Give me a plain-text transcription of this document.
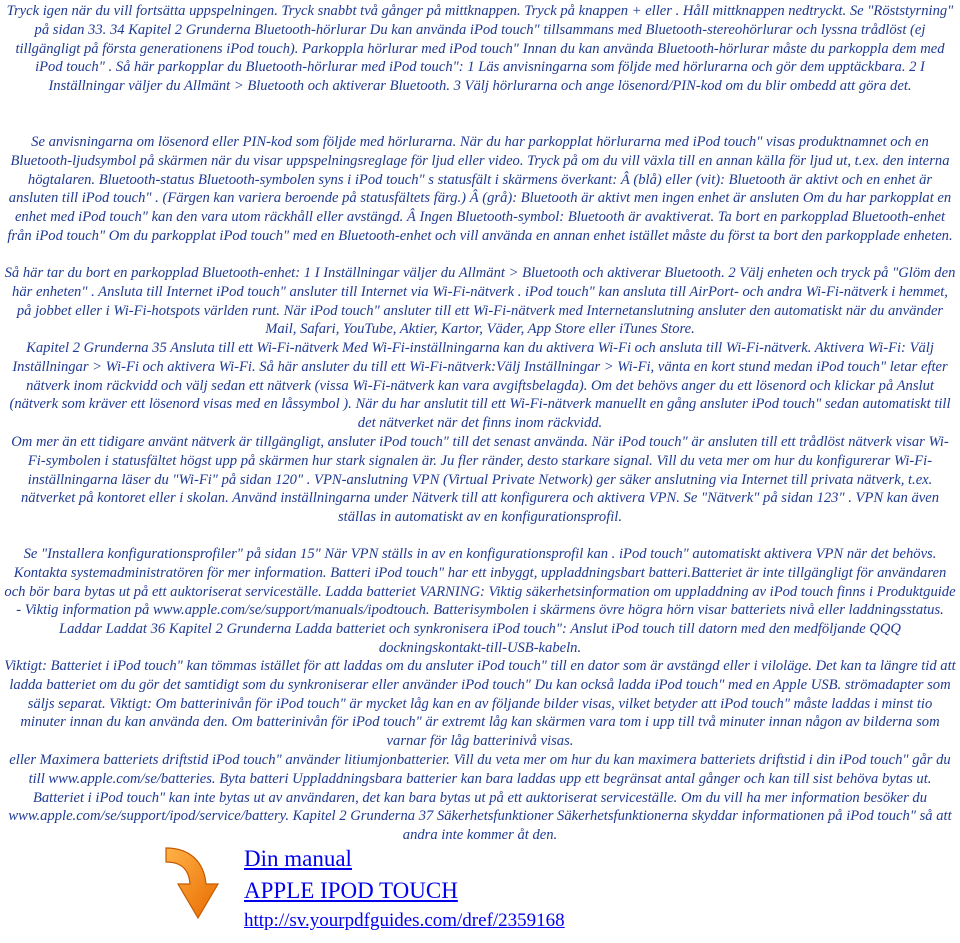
Tryck igen när du vill fortsätta uppspelningen. Tryck snabbt två gånger på mittknappen. Tryck på knappen + eller . Håll mittknappen nedtryckt. Se "Röststyrning" på sidan 33. 34 Kapitel 2 Grunderna Bluetooth-hörlurar Du kan använda iPod touch" tillsammans med Bluetooth-stereohörlurar och lyssna trådlöst (ej tillgängligt på första generationens iPod touch). Parkoppla hörlurar med iPod touch" Innan du kan använda Bluetooth-hörlurar måste du parkoppla dem med iPod touch" . Så här parkopplar du Bluetooth-hörlurar med iPod touch": 1 Läs anvisningarna som följde med hörlurarna och gör dem upptäckbara. 2 I Inställningar väljer du Allmänt > Bluetooth och aktiverar Bluetooth. 3 Välj hörlurarna och ange lösenord/PIN-kod om du blir ombedd att göra det.

Se anvisningarna om lösenord eller PIN-kod som följde med hörlurarna. När du har parkopplat hörlurarna med iPod touch" visas produktnamnet och en Bluetooth-ljudsymbol på skärmen när du visar uppspelningsreglage för ljud eller video. Tryck på om du vill växla till en annan källa för ljud ut, t.ex. den interna högtalaren. Bluetooth-status Bluetooth-symbolen syns i iPod touch" s statusfält i skärmens överkant: Â (blå) eller (vit): Bluetooth är aktivt och en enhet är ansluten till iPod touch" . (Färgen kan variera beroende på statusfältets färg.) Â (grå): Bluetooth är aktivt men ingen enhet är ansluten Om du har parkopplat en enhet med iPod touch" kan den vara utom räckhåll eller avstängd. Â Ingen Bluetooth-symbol: Bluetooth är avaktiverat. Ta bort en parkopplad Bluetooth-enhet från iPod touch" Om du parkopplat iPod touch" med en Bluetooth-enhet och vill använda en annan enhet istället måste du först ta bort den parkopplade enheten.

Så här tar du bort en parkopplad Bluetooth-enhet: 1 I Inställningar väljer du Allmänt > Bluetooth och aktiverar Bluetooth. 2 Välj enheten och tryck på "Glöm den här enheten" . Ansluta till Internet iPod touch" ansluter till Internet via Wi-Fi-nätverk . iPod touch" kan ansluta till AirPort- och andra Wi-Fi-nätverk i hemmet, på jobbet eller i Wi-Fi-hotspots världen runt. När iPod touch" ansluter till ett Wi-Fi-nätverk med Internetanslutning ansluter den automatiskt när du använder Mail, Safari, YouTube, Aktier, Kartor, Väder, App Store eller iTunes Store.

Kapitel 2 Grunderna 35 Ansluta till ett Wi-Fi-nätverk Med Wi-Fi-inställningarna kan du aktivera Wi-Fi och ansluta till Wi-Fi-nätverk. Aktivera Wi-Fi: Välj Inställningar > Wi-Fi och aktivera Wi-Fi. Så här ansluter du till ett Wi-Fi-nätverk:Välj Inställningar > Wi-Fi, vänta en kort stund medan iPod touch" letar efter nätverk inom räckvidd och välj sedan ett nätverk (vissa Wi-Fi-nätverk kan vara avgiftsbelagda). Om det behövs anger du ett lösenord och klickar på Anslut (nätverk som kräver ett lösenord visas med en låssymbol ). När du har anslutit till ett Wi-Fi-nätverk manuellt en gång ansluter iPod touch" sedan automatiskt till det nätverket när det finns inom räckvidd.

Om mer än ett tidigare använt nätverk är tillgängligt, ansluter iPod touch" till det senast använda. När iPod touch" är ansluten till ett trådlöst nätverk visar Wi-Fi-symbolen i statusfältet högst upp på skärmen hur stark signalen är. Ju fler ränder, desto starkare signal. Vill du veta mer om hur du konfigurerar Wi-Fi-inställningarna läser du "Wi-Fi" på sidan 120" . VPN-anslutning VPN (Virtual Private Network) ger säker anslutning via Internet till privata nätverk, t.ex. nätverket på kontoret eller i skolan. Använd inställningarna under Nätverk till att konfigurera och aktivera VPN. Se "Nätverk" på sidan 123" . VPN kan även ställas in automatiskt av en konfigurationsprofil.

Se "Installera konfigurationsprofiler" på sidan 15" När VPN ställs in av en konfigurationsprofil kan . iPod touch" automatiskt aktivera VPN när det behövs. Kontakta systemadministratören för mer information. Batteri iPod touch" har ett inbyggt, uppladdningsbart batteri.Batteriet är inte tillgängligt för användaren och bör bara bytas ut på ett auktoriserat serviceställe. Ladda batteriet VARNING: Viktig säkerhetsinformation om uppladdning av iPod touch finns i Produktguide - Viktig information på www.apple.com/se/support/manuals/ipodtouch. Batterisymbolen i skärmens övre högra hörn visar batteriets nivå eller laddningsstatus. Laddar Laddat 36 Kapitel 2 Grunderna Ladda batteriet och synkronisera iPod touch": Anslut iPod touch till datorn med den medföljande QQQ dockningskontakt-till-USB-kabeln.

Viktigt: Batteriet i iPod touch" kan tömmas istället för att laddas om du ansluter iPod touch" till en dator som är avstängd eller i viloläge. Det kan ta längre tid att ladda batteriet om du gör det samtidigt som du synkroniserar eller använder iPod touch" Du kan också ladda iPod touch" med en Apple USB. strömadapter som säljs separat. Viktigt: Om batterinivån för iPod touch" är mycket låg kan en av följande bilder visas, vilket betyder att iPod touch" måste laddas i minst tio minuter innan du kan använda den. Om batterinivån för iPod touch" är extremt låg kan skärmen vara tom i upp till två minuter innan någon av bilderna som varnar för låg batterinivå visas.

eller Maximera batteriets driftstid iPod touch" använder litiumjonbatterier. Vill du veta mer om hur du kan maximera batteriets driftstid i din iPod touch" går du till www.apple.com/se/batteries. Byta batteri Uppladdningsbara batterier kan bara laddas upp ett begränsat antal gånger och kan till sist behöva bytas ut. Batteriet i iPod touch" kan inte bytas ut av användaren, det kan bara bytas ut på ett auktoriserat serviceställe. Om du vill ha mer information besöker du www.apple.com/se/support/ipod/service/battery. Kapitel 2 Grunderna 37 Säkerhetsfunktioner Säkerhetsfunktionerna skyddar informationen på iPod touch" så att andra inte kommer åt den.

Din manual
APPLE IPOD TOUCH
http://sv.yourpdfguides.com/dref/2359168
